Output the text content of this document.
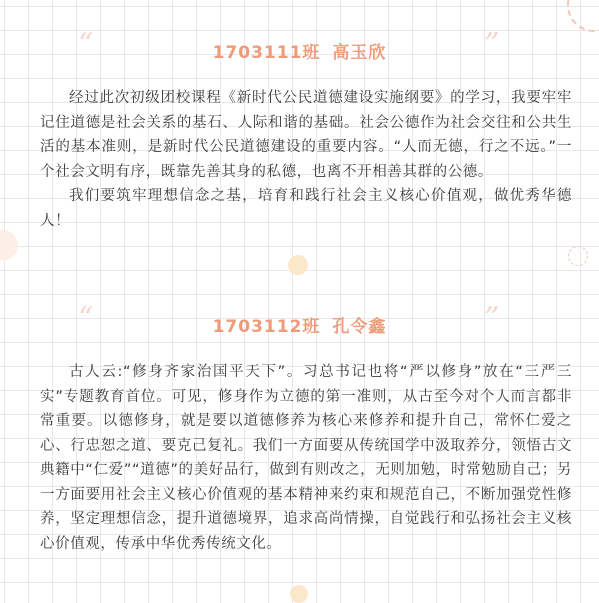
“	”
1703111班 高玉欣

经过此次初级团校课程《新时代公民道德建设实施纲要》的学习，我要牢牢记住道德是社会关系的基石、人际和谐的基础。社会公德作为社会交往和公共生活的基本准则，是新时代公民道德建设的重要内容。“人而无德，行之不远。”一个社会文明有序，既靠先善其身的私德，也离不开相善其群的公德。

我们要筑牢理想信念之基，培育和践行社会主义核心价值观，做优秀华德人！

“	”
1703112班 孔令鑫

古人云:“修身齐家治国平天下”。习总书记也将“严以修身”放在“三严三实”专题教育首位。可见，修身作为立德的第一准则，从古至今对个人而言都非常重要。以德修身，就是要以道德修养为核心来修养和提升自己，常怀仁爱之心、行忠恕之道、要克己复礼。我们一方面要从传统国学中汲取养分，领悟古文典籍中“仁爱”“道德”的美好品行，做到有则改之，无则加勉，时常勉励自己；另一方面要用社会主义核心价值观的基本精神来约束和规范自己，不断加强党性修养，坚定理想信念，提升道德境界，追求高尚情操，自觉践行和弘扬社会主义核心价值观，传承中华优秀传统文化。
